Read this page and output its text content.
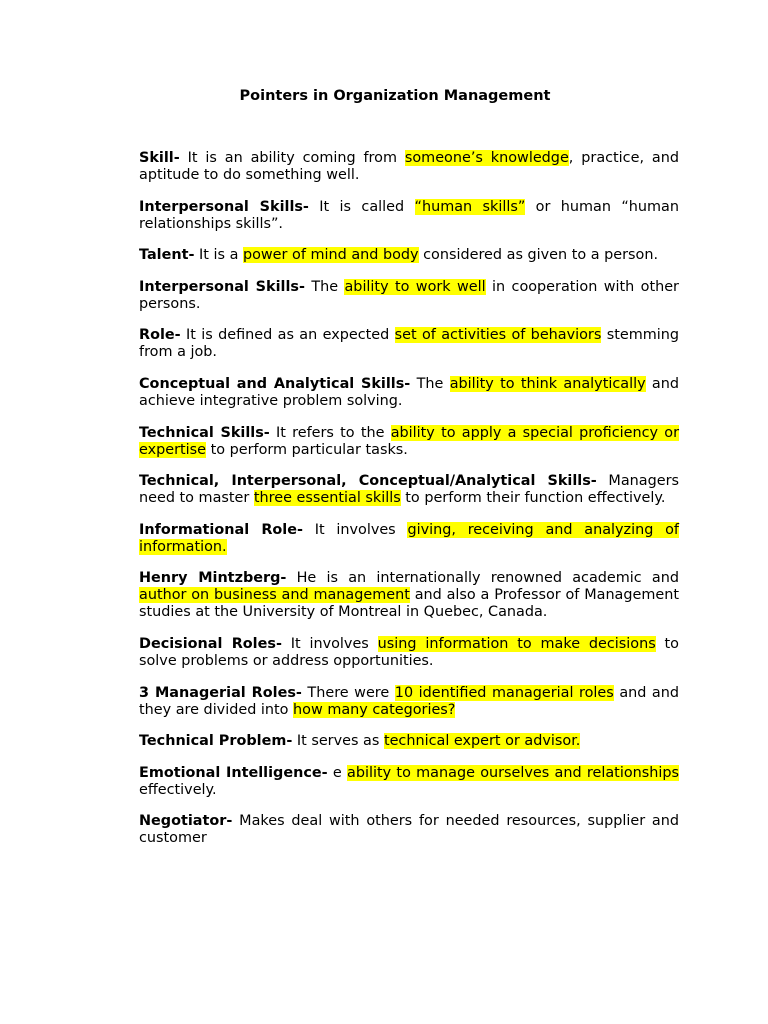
Pointers in Organization Management

Skill- It is an ability coming from someone’s knowledge, practice, and aptitude to do something well.

Interpersonal Skills- It is called “human skills” or human “human relationships skills”.

Talent- It is a power of mind and body considered as given to a person.

Interpersonal Skills- The ability to work well in cooperation with other persons.

Role- It is defined as an expected set of activities of behaviors stemming from a job.

Conceptual and Analytical Skills- The ability to think analytically and achieve integrative problem solving.

Technical Skills- It refers to the ability to apply a special proficiency or expertise to perform particular tasks.

Technical, Interpersonal, Conceptual/Analytical Skills- Managers need to master three essential skills to perform their function effectively.

Informational Role- It involves giving, receiving and analyzing of information.

Henry Mintzberg- He is an internationally renowned academic and author on business and management and also a Professor of Management studies at the University of Montreal in Quebec, Canada.

Decisional Roles- It involves using information to make decisions to solve problems or address opportunities.

3 Managerial Roles- There were 10 identified managerial roles and and they are divided into how many categories?

Technical Problem- It serves as technical expert or advisor.

Emotional Intelligence- e ability to manage ourselves and relationships effectively.

Negotiator- Makes deal with others for needed resources, supplier and customer
